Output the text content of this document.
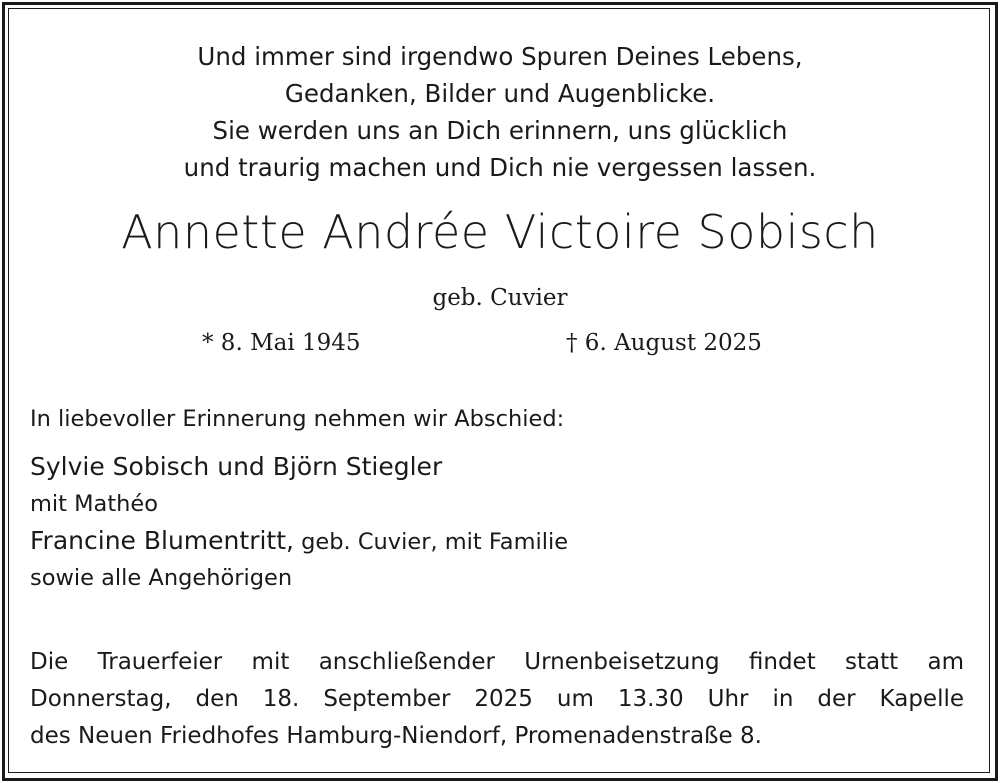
Und immer sind irgendwo Spuren Deines Lebens,
Gedanken, Bilder und Augenblicke.
Sie werden uns an Dich erinnern, uns glücklich
und traurig machen und Dich nie vergessen lassen.
Annette Andrée Victoire Sobisch
geb. Cuvier
* 8. Mai 1945	† 6. August 2025
In liebevoller Erinnerung nehmen wir Abschied:
Sylvie Sobisch und Björn Stiegler
mit Mathéo
Francine Blumentritt, geb. Cuvier, mit Familie
sowie alle Angehörigen
Die Trauerfeier mit anschließender Urnenbeisetzung findet statt am
Donnerstag, den 18. September 2025 um 13.30 Uhr in der Kapelle
des Neuen Friedhofes Hamburg-Niendorf, Promenadenstraße 8.
